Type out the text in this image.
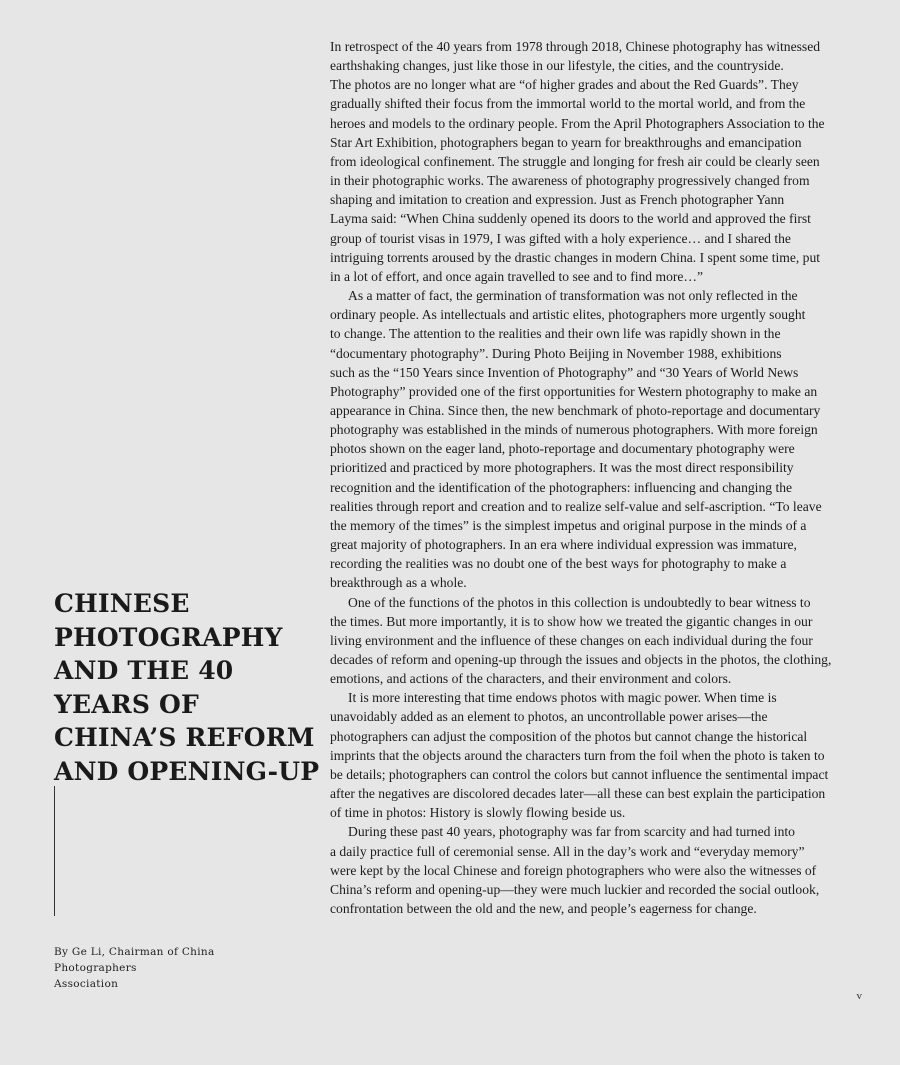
CHINESE
PHOTOGRAPHY
AND THE 40
YEARS OF
CHINA’S REFORM
AND OPENING-UP

By Ge Li, Chairman of China Photographers
Association

In retrospect of the 40 years from 1978 through 2018, Chinese photography has witnessed
earthshaking changes, just like those in our lifestyle, the cities, and the countryside.
The photos are no longer what are “of higher grades and about the Red Guards”. They
gradually shifted their focus from the immortal world to the mortal world, and from the
heroes and models to the ordinary people. From the April Photographers Association to the
Star Art Exhibition, photographers began to yearn for breakthroughs and emancipation
from ideological confinement. The struggle and longing for fresh air could be clearly seen
in their photographic works. The awareness of photography progressively changed from
shaping and imitation to creation and expression. Just as French photographer Yann
Layma said: “When China suddenly opened its doors to the world and approved the first
group of tourist visas in 1979, I was gifted with a holy experience… and I shared the
intriguing torrents aroused by the drastic changes in modern China. I spent some time, put
in a lot of effort, and once again travelled to see and to find more…”
As a matter of fact, the germination of transformation was not only reflected in the
ordinary people. As intellectuals and artistic elites, photographers more urgently sought
to change. The attention to the realities and their own life was rapidly shown in the
“documentary photography”. During Photo Beijing in November 1988, exhibitions
such as the “150 Years since Invention of Photography” and “30 Years of World News
Photography” provided one of the first opportunities for Western photography to make an
appearance in China. Since then, the new benchmark of photo-reportage and documentary
photography was established in the minds of numerous photographers. With more foreign
photos shown on the eager land, photo-reportage and documentary photography were
prioritized and practiced by more photographers. It was the most direct responsibility
recognition and the identification of the photographers: influencing and changing the
realities through report and creation and to realize self-value and self-ascription. “To leave
the memory of the times” is the simplest impetus and original purpose in the minds of a
great majority of photographers. In an era where individual expression was immature,
recording the realities was no doubt one of the best ways for photography to make a
breakthrough as a whole.
One of the functions of the photos in this collection is undoubtedly to bear witness to
the times. But more importantly, it is to show how we treated the gigantic changes in our
living environment and the influence of these changes on each individual during the four
decades of reform and opening-up through the issues and objects in the photos, the clothing,
emotions, and actions of the characters, and their environment and colors.
It is more interesting that time endows photos with magic power. When time is
unavoidably added as an element to photos, an uncontrollable power arises—the
photographers can adjust the composition of the photos but cannot change the historical
imprints that the objects around the characters turn from the foil when the photo is taken to
be details; photographers can control the colors but cannot influence the sentimental impact
after the negatives are discolored decades later—all these can best explain the participation
of time in photos: History is slowly flowing beside us.
During these past 40 years, photography was far from scarcity and had turned into
a daily practice full of ceremonial sense. All in the day’s work and “everyday memory”
were kept by the local Chinese and foreign photographers who were also the witnesses of
China’s reform and opening-up—they were much luckier and recorded the social outlook,
confrontation between the old and the new, and people’s eagerness for change.
v
